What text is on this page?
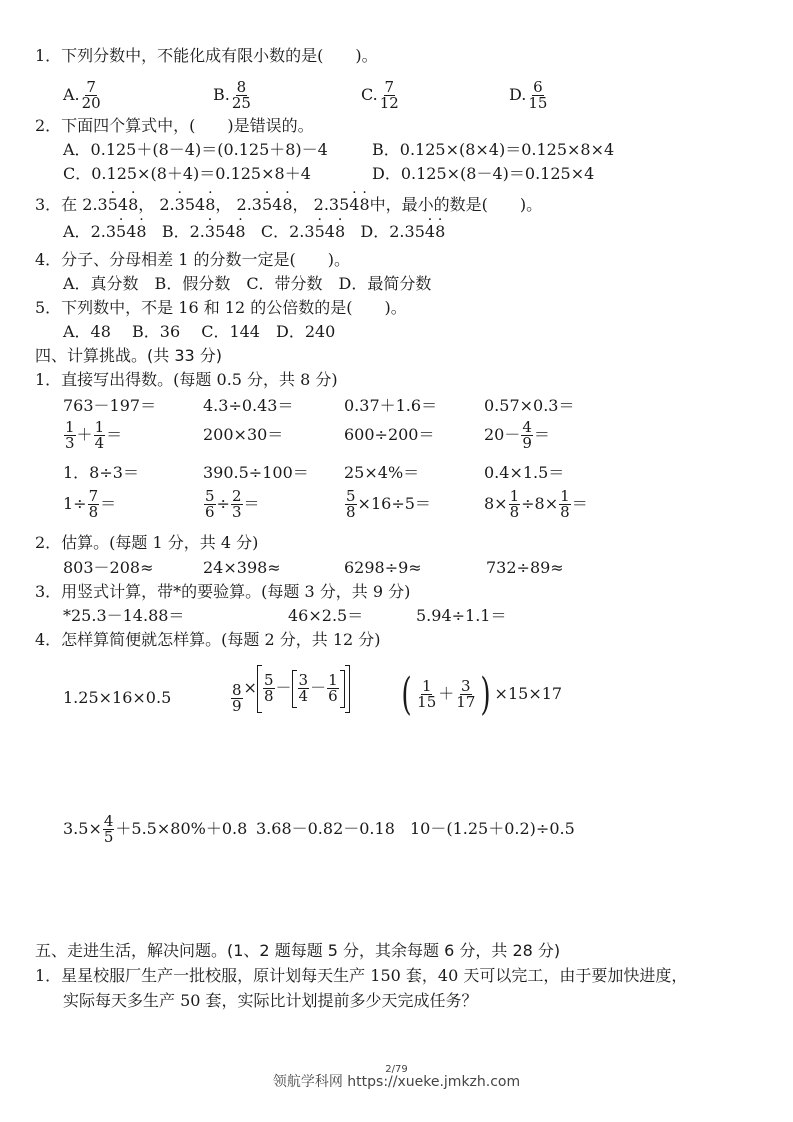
1．下列分数中，不能化成有限小数的是(　　)。
A. $\frac{7}{20}$	B. $\frac{8}{25}$	C. $\frac{7}{12}$	D. $\frac{6}{15}$
2．下面四个算式中，(　　)是错误的。
A．0.125＋(8－4)＝(0.125＋8)－4	B．0.125×(8×4)＝0.125×8×4
C．0.125×(8＋4)＝0.125×8＋4	D．0.125×(8－4)＝0.125×4
3．在 2.3· 54· 8， 2.· 354· 8， 2.3· 54· 8， 2.35· 4· 8中，最小的数是(　　)。
A．2.3· 54· 8 B．2.· 354· 8 C．2.3· 54· 8 D．2.35· 4· 8
4．分子、分母相差 1 的分数一定是(　　)。
A．真分数　B．假分数　C．带分数　D．最简分数
5．下列数中，不是 16 和 12 的公倍数的是(　　)。
A．48　 B．36　 C．144　D．240
四、计算挑战。(共 33 分)
1．直接写出得数。(每题 0.5 分，共 8 分)
763－197＝	4.3÷0.43＝	0.37＋1.6＝	0.57×0.3＝
$\frac{1}{3} + \frac{1}{4}$ ＝	200×30＝	600÷200＝	$20- \frac{4}{9}$ ＝
1．8÷3＝	390.5÷100＝ 25×4%＝	0.4×1.5＝
$1\div \frac{7}{8}$ ＝	$\frac{5}{6} \div \frac{2}{3}$ ＝	$\frac{5}{8} \times 16\div 5=$	$8\times \frac{1}{8} \div 8\times \frac{1}{8}$ ＝
2．估算。(每题 1 分，共 4 分)
803－208≈	24×398≈	6298÷9≈	732÷89≈
3．用竖式计算，带*的要验算。(每题 3 分，共 9 分)
*25.3－14.88＝	46×2.5＝	5.94÷1.1＝
4．怎样算简便就怎样算。(每题 2 分，共 12 分)
1.25×16×0.5	$\frac{8}{9} \times \frac{5}{8} - \frac{3}{4} - \frac{1}{6}$ ( $\frac{1}{15} + \frac{3}{17}$ ) ×15×17
$3.5\times \frac{4}{5} +5.5\times 80\%+0.8$ 3.68－0.82－0.18 10－(1.25＋0.2)÷0.5
五、走进生活，解决问题。(1、2 题每题 5 分，其余每题 6 分，共 28 分)
1．星星校服厂生产一批校服，原计划每天生产 150 套，40 天可以完工，由于要加快进度，
实际每天多生产 50 套，实际比计划提前多少天完成任务？
2/79
领航学科网 https://xueke.jmkzh.com
